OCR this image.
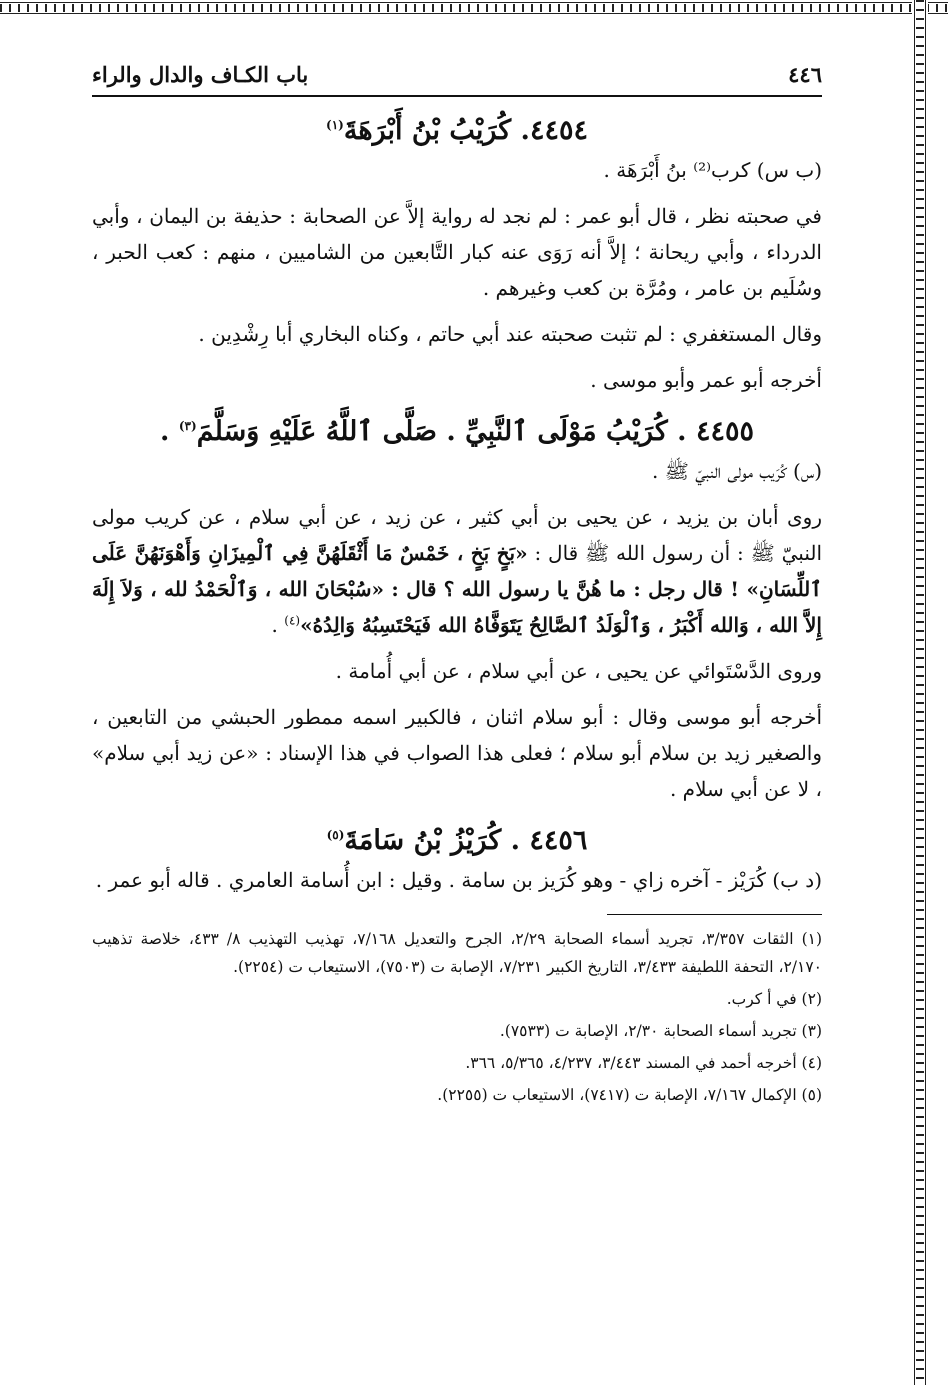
٤٤٦
باب الكـاف والدال والراء
٤٤٥٤. كُرَيْبُ بْنُ أَبْرَهَةَ$^{(١)}$

(ب س) كرب⁽²⁾ بنُ أَبْرَهَة .

في صحبته نظر ، قال أبو عمر : لم نجد له رواية إلاَّ عن الصحابة : حذيفة بن اليمان ، وأبي الدرداء ، وأبي ريحانة ؛ إلاَّ أنه رَوَى عنه كبار التَّابعين من الشاميين ، منهم : كعب الحبر ، وسُلَيم بن عامر ، ومُرَّة بن كعب وغيرهم .

وقال المستغفري : لم تثبت صحبته عند أبي حاتم ، وكناه البخاري أبا رِشْدِين .

أخرجه أبو عمر وأبو موسى .

٤٤٥٥ . كُرَيْبُ مَوْلَى ٱلنَّبِيِّ . صَلَّى ٱللَّهُ عَلَيْهِ وَسَلَّمَ$^{(٣)}$ .

(س) كُرَيب مولى النبيّ ﷺ .

روى أبان بن يزيد ، عن يحيى بن أبي كثير ، عن زيد ، عن أبي سلام ، عن كريب مولى النبيّ ﷺ : أن رسول الله ﷺ قال : «بَخٍ بَخٍ ، خَمْسٌ مَا أَثْقَلَهُنَّ فِي ٱلْمِيزَانِ وَأَهْوَنَهُنَّ عَلَى ٱللِّسَانِ» ! قال رجل : ما هُنَّ يا رسول الله ؟ قال : «سُبْحَانَ الله ، وَٱلْحَمْدُ لله ، وَلاَ إِلَهَ إِلاَّ الله ، وَالله أَكْبَرُ ، وَٱلْوَلَدُ ٱلصَّالِحُ يَتَوَفَّاهُ الله فَيَحْتَسِبُهُ وَالِدُهُ»$^{(٤)}$ .

وروى الدَّسْتَوائي عن يحيى ، عن أبي سلام ، عن أبي أُمامة .

أخرجه أبو موسى وقال : أبو سلام اثنان ، فالكبير اسمه ممطور الحبشي من التابعين ، والصغير زيد بن سلام أبو سلام ؛ فعلى هذا الصواب في هذا الإسناد : «عن زيد أبي سلام» ، لا عن أبي سلام .

٤٤٥٦ . كُرَيْزُ بْنُ سَامَةَ$^{(٥)}$

(د ب) كُرَيْز - آخره زاي - وهو كُرَيز بن سامة . وقيل : ابن أُسامة العامري . قاله أبو عمر .

(١) الثقات ٣/٣٥٧، تجريد أسماء الصحابة ٢/٢٩، الجرح والتعديل ٧/١٦٨، تهذيب التهذيب ٨/ ٤٣٣، خلاصة تذهيب ٢/١٧٠، التحفة اللطيفة ٣/٤٣٣، التاريخ الكبير ٧/٢٣١، الإصابة ت (٧٥٠٣)، الاستيعاب ت (٢٢٥٤).

(٢) في أ كرب.

(٣) تجريد أسماء الصحابة ٢/٣٠، الإصابة ت (٧٥٣٣).

(٤) أخرجه أحمد في المسند ٣/٤٤٣، ٤/٢٣٧، ٥/٣٦٥، ٣٦٦.

(٥) الإكمال ٧/١٦٧، الإصابة ت (٧٤١٧)، الاستيعاب ت (٢٢٥٥).
